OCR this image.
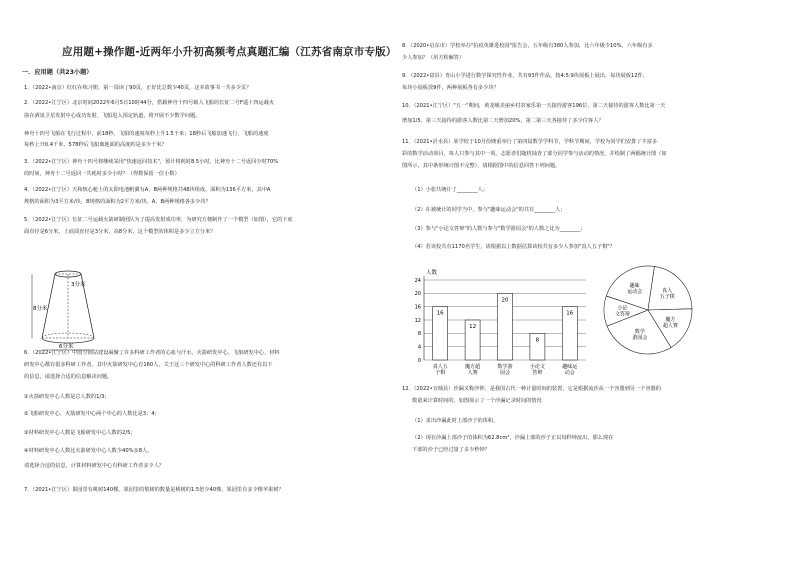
应用题+操作题-近两年小升初高频考点真题汇编（江苏省南京市专版）
一．应用题（共23小题）
1．（2022•南京）红红在练习册，第一周读了90页，正好比总数少40页，这本故事书一共多少页？
2．（2022•江宁区）北京时间2022年6月5日10时44分，搭载神舟十四号载人飞船的长征二号F遥十四运载火
箭在酒泉卫星发射中心成功发射，飞船进入预定轨道，将开展不少数学问题。
神舟十四号飞船在飞行过程中，前18秒，飞船的速度每秒上升1.5千米；18秒后飞船加速飞行，飞船的速度
每秒上升0.4千米，578秒后飞船离地面的高度约是多少千米？
3．（2022•江宁区）神舟十四号将继续采用"快速返回技术"，预计将耗时8.5小时，比神舟十二号返回少时70%
的时间，神舟十二号返回一共耗时多少小时？（得数保留一位小数）
4．（2022•江宁区）天和核心舱上的太阳电池帆翼有A、B两种规格共48块组成，面积为136平方米，其中A
规格的面积为3平方米/块，B规格的面积为2平方米/块。A、B两种规格各多少块？
5．（2022•江宁区）长征二号运载火箭研制团队为了提高发射成功率，为研究方便制作了一个模型（如图），它的下底
面直径是6分米，上底面直径是3分米，高8分米，这个模型的体积是多少立方分米？
6．（2022•江宁区）中国空间站建设凝聚了许多科研工作者的心血与汗水，火箭研发中心、飞船研发中心、材料
研发中心都有很多科研工作者。其中火箭研发中心有160人，关于这三个研发中心的科研工作者人数还有以下
的信息，请选择合适的信息解决问题。
①火箭研发中心人数是总人数的1/3；
②飞船研发中心、火箭研发中心两个中心的人数比是3：4；
③材料研发中心人数是飞船研发中心人数的2/5；
④材料研发中心人数比火箭研发中心人数少40%多8人。
请选择合适的信息，计算材料研发中心有科研工作者多少人？
7．（2021•江宁区）果园里有桃树140棵，果园里的梨树的数量是桃树的1.5倍少40棵，果园里有多少棵苹果树？
3分米
8分米
6分米
8．（2020•启东市）学校举办"抗疫英雄进校园"报告会，五年级有380人参加，比六年级少10%，六年级有多
少人参加？（用方程解答）
9．（2022•富县）青山小学进行数学探究性作业，共有93件作品，按4:5:9块展板上展出，每块展板12件，
每块小展板放9件，两种展板各有多少块？
10．（2021•江宁区）"五一"期间，黄龙岘美丽乡村农家乐第一天接待游客196位，第二天接待的游客人数比第一天
增加1/5，第三天接待的游客人数比第二天增加20%，第二第三天各接待了多少位客人？
11．（2021•沂水县）某学校于10月份隆重举行了第四届数学学科节，学科节期间，学校为同学们安排了丰富多
彩的数学活动项目，每人只参与其中一项。志愿者们随机抽查了部分同学参与活动的情况，并绘制了两幅统计图（如
图所示，其中条形统计图不完整），请根据图中的信息回答下列问题。
（1）小张共统计了________人；
（2）在被统计的同学当中，参与"趣味运动会"的共有________人；
（3）参与"小论文答辩"的人数与参与"数学游园会"的人数之比为________；
（4）若该校共有1170名学生，请根据以上数据估算该校共有多少人参加"真人五子棋"？
12．（2022•宜城县）沙漏又称沙钟，是我国古代一种计量时间的装置，它是根据流沙从一个容器到另一个容器的
数量来计算时间的。如图展示了一个沙漏记录时间的情况
（1）求出沙漏此时上部沙子的体积。
（2）现在沙漏上部沙子的体积为62.8cm³，沙漏上部的沙子正以每秒钟流出，那么现在
下部的沙子已经过量了多少秒钟？
0
4
8
12
16
20
24
人数
16
真人五子棋
12
魔方超人赛
20
数学游园会
8
小论文答辩
16
趣味运动会
趣味运动会	真人五子棋
魔方超人赛
数学游园会
小论文答辩
